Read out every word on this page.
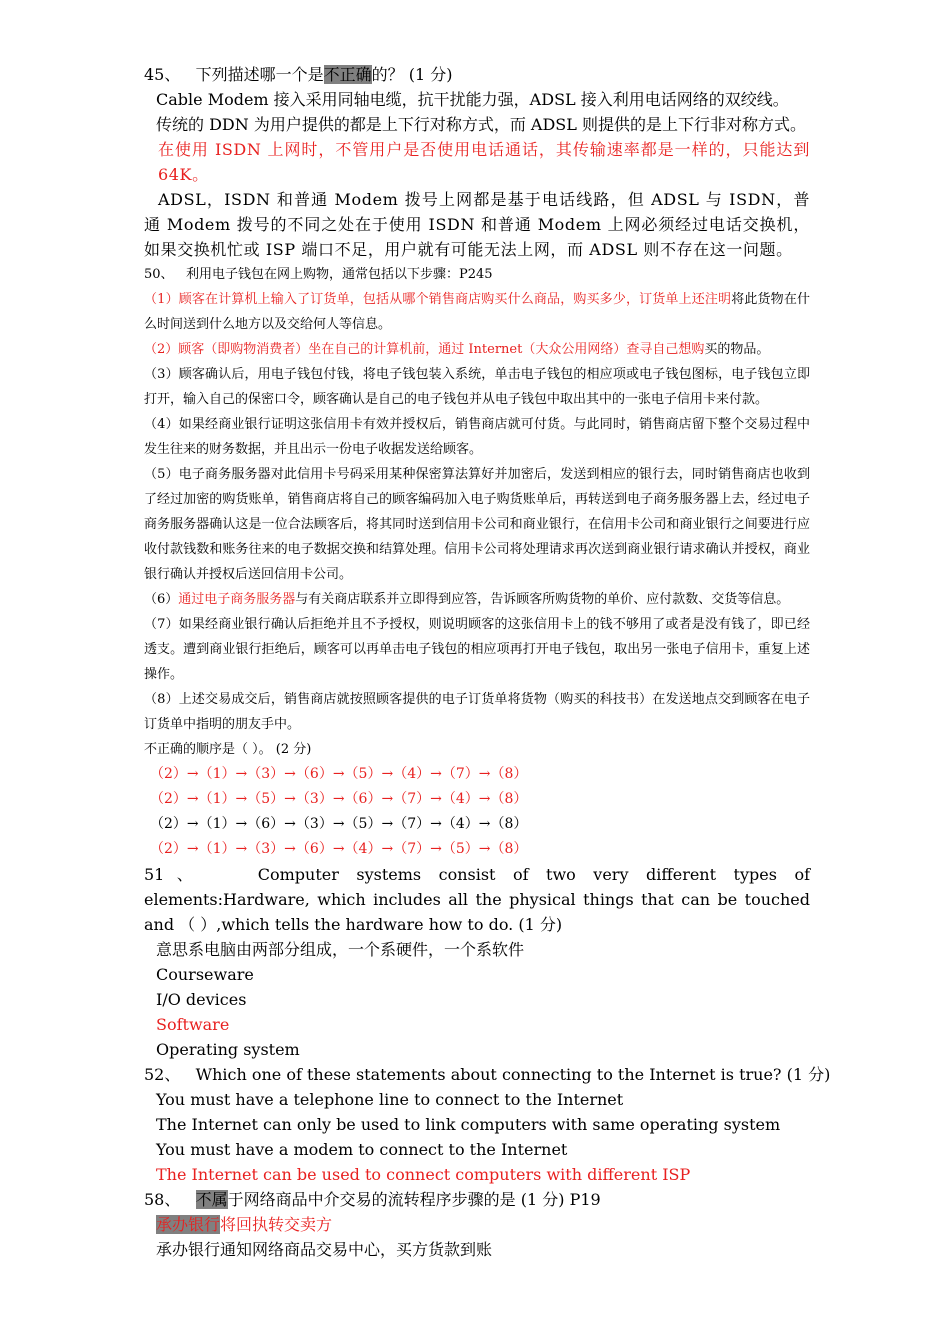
45、 下列描述哪一个是不正确的？ (1 分)
Cable Modem 接入采用同轴电缆，抗干扰能力强，ADSL 接入利用电话网络的双绞线。
传统的 DDN 为用户提供的都是上下行对称方式，而 ADSL 则提供的是上下行非对称方式。
在使用 ISDN 上网时，不管用户是否使用电话通话，其传输速率都是一样的，只能达到 64K。
ADSL，ISDN 和普通 Modem 拨号上网都是基于电话线路，但 ADSL 与 ISDN，普通 Modem 拨号的不同之处在于使用 ISDN 和普通 Modem 上网必须经过电话交换机，如果交换机忙或 ISP 端口不足，用户就有可能无法上网，而 ADSL 则不存在这一问题。
50、 利用电子钱包在网上购物，通常包括以下步骤：P245
（1）顾客在计算机上输入了订货单，包括从哪个销售商店购买什么商品，购买多少，订货单上还注明将此货物在什么时间送到什么地方以及交给何人等信息。
（2）顾客（即购物消费者）坐在自己的计算机前，通过 Internet（大众公用网络）查寻自己想购买的物品。
（3）顾客确认后，用电子钱包付钱，将电子钱包装入系统，单击电子钱包的相应项或电子钱包图标，电子钱包立即打开，输入自己的保密口令，顾客确认是自己的电子钱包并从电子钱包中取出其中的一张电子信用卡来付款。
（4）如果经商业银行证明这张信用卡有效并授权后，销售商店就可付货。与此同时，销售商店留下整个交易过程中发生往来的财务数据，并且出示一份电子收据发送给顾客。
（5）电子商务服务器对此信用卡号码采用某种保密算法算好并加密后，发送到相应的银行去，同时销售商店也收到了经过加密的购货账单，销售商店将自己的顾客编码加入电子购货账单后，再转送到电子商务服务器上去，经过电子商务服务器确认这是一位合法顾客后，将其同时送到信用卡公司和商业银行，在信用卡公司和商业银行之间要进行应收付款钱数和账务往来的电子数据交换和结算处理。信用卡公司将处理请求再次送到商业银行请求确认并授权，商业银行确认并授权后送回信用卡公司。
（6）通过电子商务服务器与有关商店联系并立即得到应答，告诉顾客所购货物的单价、应付款数、交货等信息。
（7）如果经商业银行确认后拒绝并且不予授权，则说明顾客的这张信用卡上的钱不够用了或者是没有钱了，即已经透支。遭到商业银行拒绝后，顾客可以再单击电子钱包的相应项再打开电子钱包，取出另一张电子信用卡，重复上述操作。
（8）上述交易成交后，销售商店就按照顾客提供的电子订货单将货物（购买的科技书）在发送地点交到顾客在电子订货单中指明的朋友手中。
不正确的顺序是（ ）。 (2 分)
（2）→（1）→（3）→（6）→（5）→（4）→（7）→（8）
（2）→（1）→（5）→（3）→（6）→（7）→（4）→（8）
（2）→（1）→（6）→（3）→（5）→（7）→（4）→（8）
（2）→（1）→（3）→（6）→（4）→（7）→（5）→（8）
51、	Computer systems consist of two very different types of elements:Hardware, which includes all the physical things that can be touched and （ ）,which tells the hardware how to do. (1 分)
意思系电脑由两部分组成，一个系硬件，一个系软件
Courseware
I/O devices
Software
Operating system
52、 Which one of these statements about connecting to the Internet is true? (1 分)
You must have a telephone line to connect to the Internet
The Internet can only be used to link computers with same operating system
You must have a modem to connect to the Internet
The Internet can be used to connect computers with different ISP
58、 不属于网络商品中介交易的流转程序步骤的是 (1 分) P19
承办银行将回执转交卖方
承办银行通知网络商品交易中心，买方货款到账
